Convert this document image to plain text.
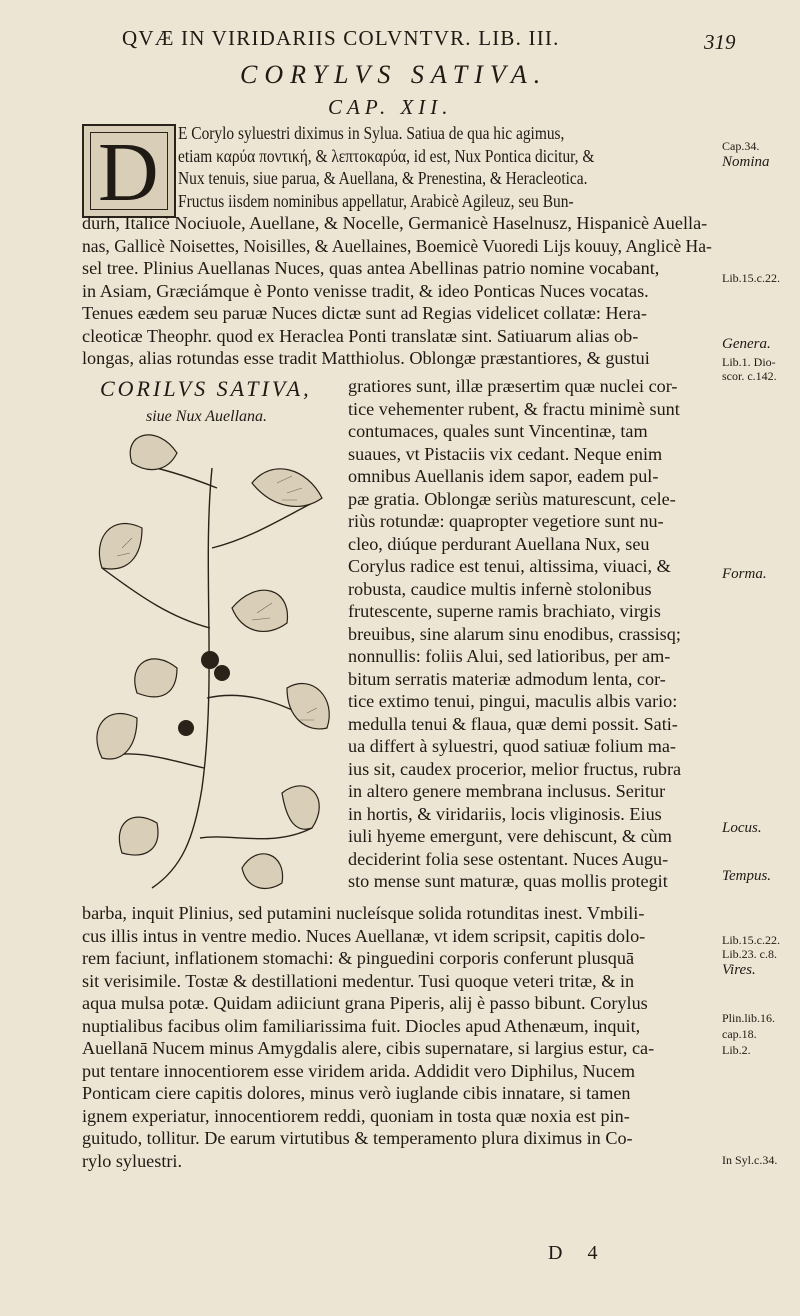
QVÆ IN VIRIDARIIS COLVNTVR. LIB. III.	319
CORYLVS SATIVA.
CAP. XII.
D E Corylo syluestri diximus in Sylua. Satiua de qua hic agimus,
etiam καρύα ποντική, & λεπτοκαρύα, id est, Nux Pontica dicitur, &
Nux tenuis, siue parua, & Auellana, & Prenestina, & Heracleotica.
Fructus iisdem nominibus appellatur, Arabicè Agileuz, seu Bun-
durh, Italicè Nociuole, Auellane, & Nocelle, Germanicè Haselnusz, Hispanicè Auella-
nas, Gallicè Noisettes, Noisilles, & Auellaines, Boemicè Vuoredi Lijs kouuy, Anglicè Ha-
sel tree. Plinius Auellanas Nuces, quas antea Abellinas patrio nomine vocabant,
in Asiam, Græciámque è Ponto venisse tradit, & ideo Ponticas Nuces vocatas.
Tenues eædem seu paruæ Nuces dictæ sunt ad Regias videlicet collatæ: Hera-
cleoticæ Theophr. quod ex Heraclea Ponti translatæ sint. Satiuarum alias ob-
longas, alias rotundas esse tradit Matthiolus. Oblongæ præstantiores, & gustui
CORILVS SATIVA,
siue Nux Auellana.
gratiores sunt, illæ præsertim quæ nuclei cor-
tice vehementer rubent, & fractu minimè sunt
contumaces, quales sunt Vincentinæ, tam
suaues, vt Pistaciis vix cedant. Neque enim
omnibus Auellanis idem sapor, eadem pul-
pæ gratia. Oblongæ seriùs maturescunt, cele-
riùs rotundæ: quapropter vegetiore sunt nu-
cleo, diúque perdurant Auellana Nux, seu
Corylus radice est tenui, altissima, viuaci, &
robusta, caudice multis infernè stolonibus
frutescente, superne ramis brachiato, virgis
breuibus, sine alarum sinu enodibus, crassisq;
nonnullis: foliis Alui, sed latioribus, per am-
bitum serratis materiæ admodum lenta, cor-
tice extimo tenui, pingui, maculis albis vario:
medulla tenui & flaua, quæ demi possit. Sati-
ua differt à syluestri, quod satiuæ folium ma-
ius sit, caudex procerior, melior fructus, rubra
in altero genere membrana inclusus. Seritur
in hortis, & viridariis, locis vliginosis. Eius
iuli hyeme emergunt, vere dehiscunt, & cùm
deciderint folia sese ostentant. Nuces Augu-
sto mense sunt maturæ, quas mollis protegit
barba, inquit Plinius, sed putamini nucleísque solida rotunditas inest. Vmbili-
cus illis intus in ventre medio. Nuces Auellanæ, vt idem scripsit, capitis dolo-
rem faciunt, inflationem stomachi: & pinguedini corporis conferunt plusquā
sit verisimile. Tostæ & destillationi medentur. Tusi quoque veteri tritæ, & in
aqua mulsa potæ. Quidam adiiciunt grana Piperis, alij è passo bibunt. Corylus
nuptialibus facibus olim familiarissima fuit. Diocles apud Athenæum, inquit,
Auellanā Nucem minus Amygdalis alere, cibis supernatare, si largius estur, ca-
put tentare innocentiorem esse viridem arida. Addidit vero Diphilus, Nucem
Ponticam ciere capitis dolores, minus verò iuglande cibis innatare, si tamen
ignem experiatur, innocentiorem reddi, quoniam in tosta quæ noxia est pin-
guitudo, tollitur. De earum virtutibus & temperamento plura diximus in Co-
rylo syluestri.
Cap.34.
Nomina
Lib.15.c.22.
Genera.
Lib.1. Dio-
scor. c.142.
Forma.
Locus.
Tempus.
Lib.15.c.22.
Lib.23. c.8.
Vires.
Plin.lib.16.
cap.18.
Lib.2.
In Syl.c.34.
D 4
